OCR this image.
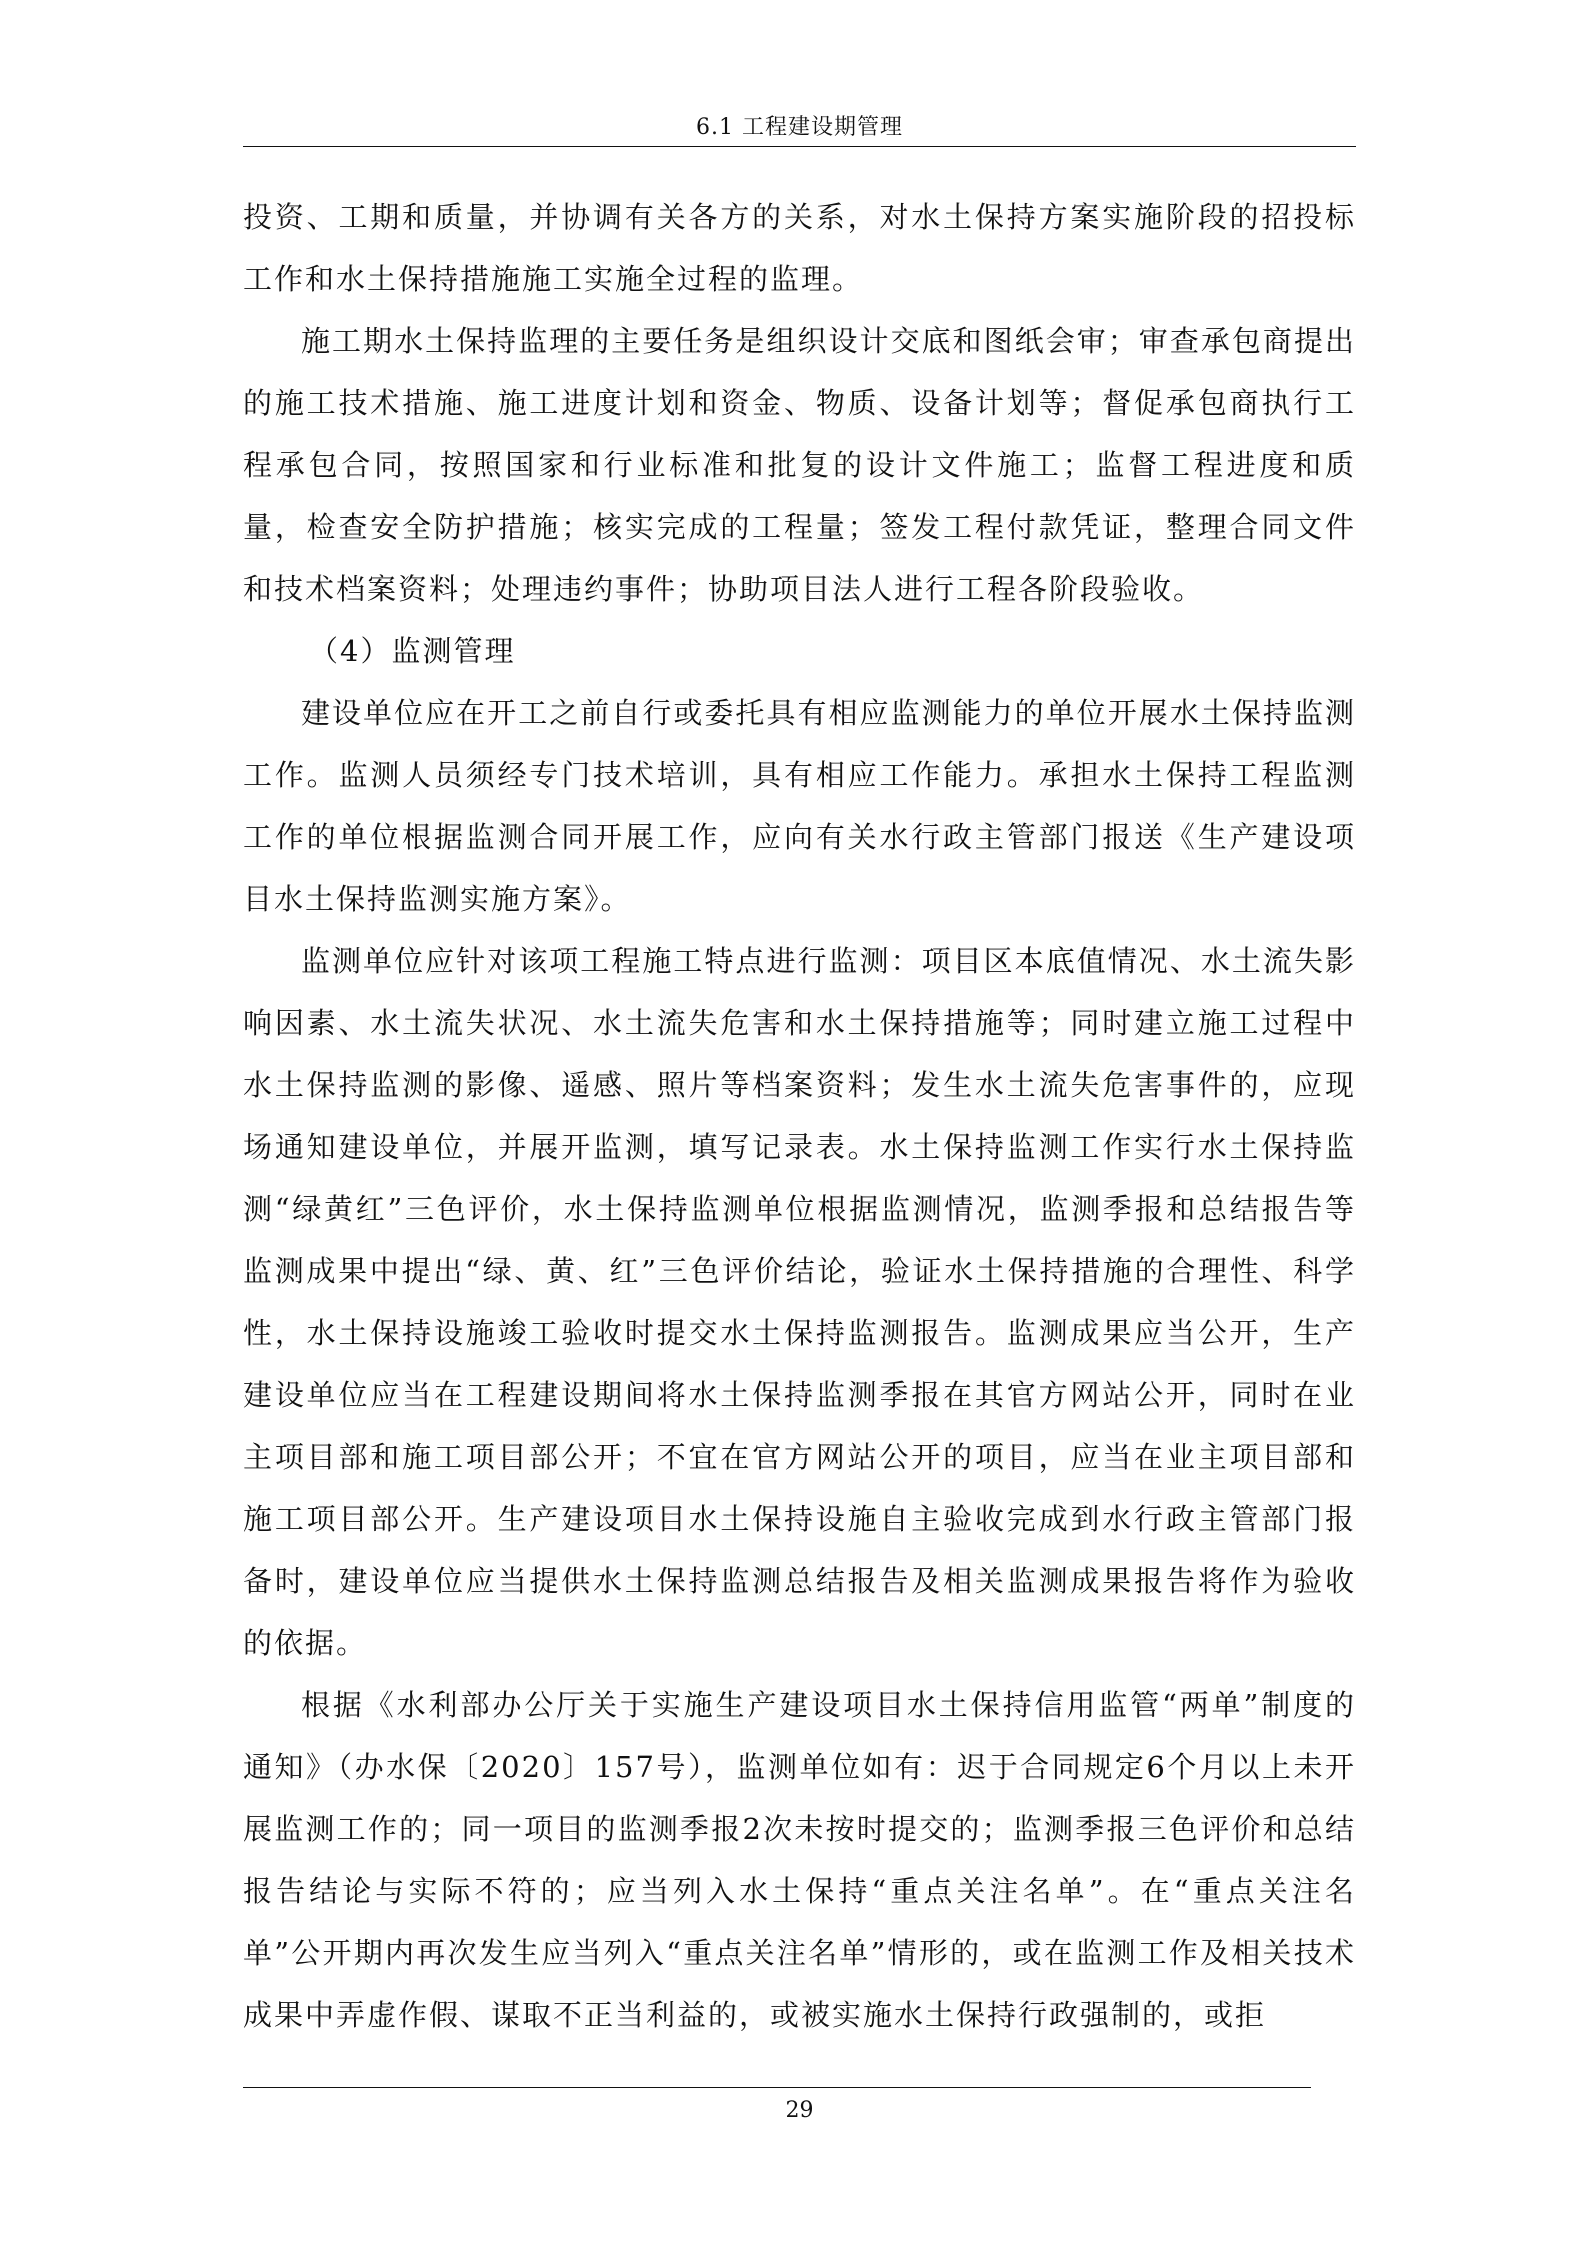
6.1 工程建设期管理

投资、工期和质量，并协调有关各方的关系，对水土保持方案实施阶段的招投标工作和水土保持措施施工实施全过程的监理。

施工期水土保持监理的主要任务是组织设计交底和图纸会审；审查承包商提出的施工技术措施、施工进度计划和资金、物质、设备计划等；督促承包商执行工程承包合同，按照国家和行业标准和批复的设计文件施工；监督工程进度和质量，检查安全防护措施；核实完成的工程量；签发工程付款凭证，整理合同文件和技术档案资料；处理违约事件；协助项目法人进行工程各阶段验收。

（4）监测管理

建设单位应在开工之前自行或委托具有相应监测能力的单位开展水土保持监测工作。监测人员须经专门技术培训，具有相应工作能力。承担水土保持工程监测工作的单位根据监测合同开展工作，应向有关水行政主管部门报送《生产建设项目水土保持监测实施方案》。

监测单位应针对该项工程施工特点进行监测：项目区本底值情况、水土流失影响因素、水土流失状况、水土流失危害和水土保持措施等；同时建立施工过程中水土保持监测的影像、遥感、照片等档案资料；发生水土流失危害事件的，应现场通知建设单位，并展开监测，填写记录表。水土保持监测工作实行水土保持监测“绿黄红”三色评价，水土保持监测单位根据监测情况，监测季报和总结报告等监测成果中提出“绿、黄、红”三色评价结论，验证水土保持措施的合理性、科学性，水土保持设施竣工验收时提交水土保持监测报告。监测成果应当公开，生产建设单位应当在工程建设期间将水土保持监测季报在其官方网站公开，同时在业主项目部和施工项目部公开；不宜在官方网站公开的项目，应当在业主项目部和施工项目部公开。生产建设项目水土保持设施自主验收完成到水行政主管部门报备时，建设单位应当提供水土保持监测总结报告及相关监测成果报告将作为验收的依据。

根据《水利部办公厅关于实施生产建设项目水土保持信用监管“两单”制度的通知》（办水保〔2020〕157号），监测单位如有：迟于合同规定6个月以上未开展监测工作的；同一项目的监测季报2次未按时提交的；监测季报三色评价和总结报告结论与实际不符的；应当列入水土保持“重点关注名单”。在“重点关注名单”公开期内再次发生应当列入“重点关注名单”情形的，或在监测工作及相关技术成果中弄虚作假、谋取不正当利益的，或被实施水土保持行政强制的，或拒

29
